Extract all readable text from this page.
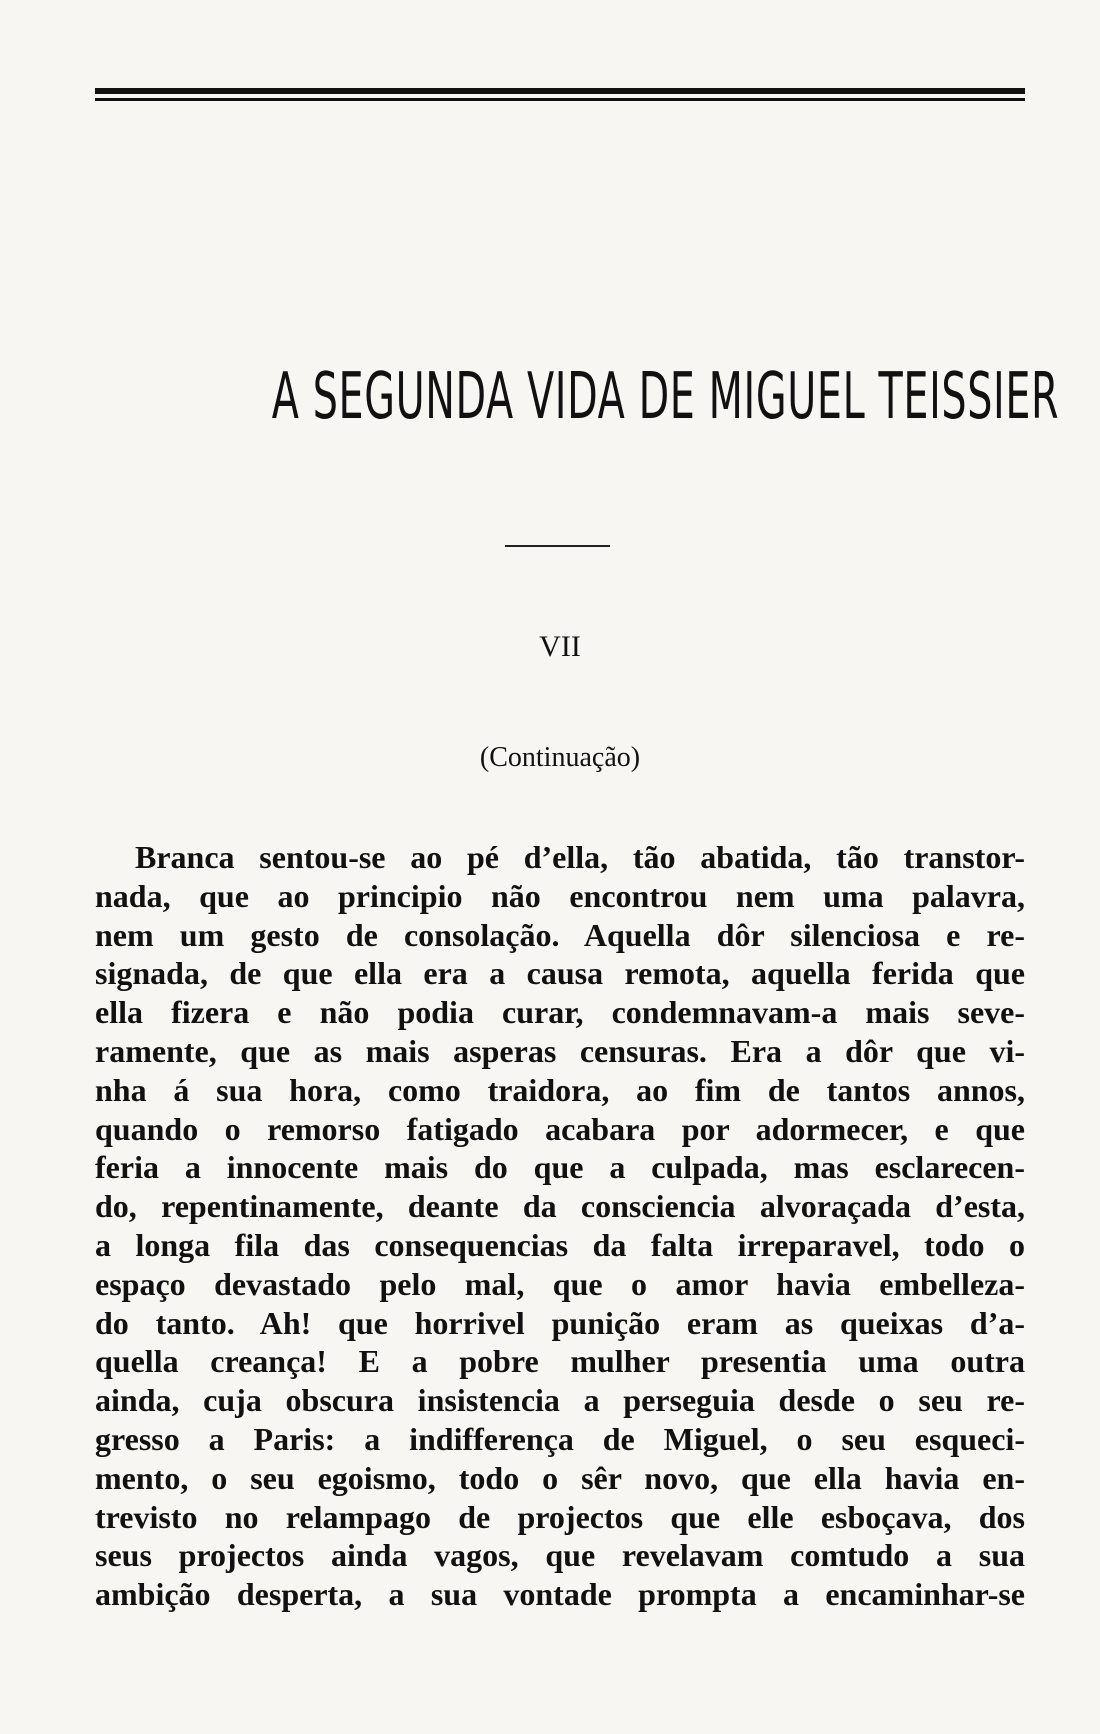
A SEGUNDA VIDA DE MIGUEL TEISSIER
VII
(Continuação)
Branca sentou-se ao pé d’ella, tão abatida, tão transtor-
nada, que ao principio não encontrou nem uma palavra,
nem um gesto de consolação. Aquella dôr silenciosa e re-
signada, de que ella era a causa remota, aquella ferida que
ella fizera e não podia curar, condemnavam-a mais seve-
ramente, que as mais asperas censuras. Era a dôr que vi-
nha á sua hora, como traidora, ao fim de tantos annos,
quando o remorso fatigado acabara por adormecer, e que
feria a innocente mais do que a culpada, mas esclarecen-
do, repentinamente, deante da consciencia alvoraçada d’esta,
a longa fila das consequencias da falta irreparavel, todo o
espaço devastado pelo mal, que o amor havia embelleza-
do tanto. Ah! que horrivel punição eram as queixas d’a-
quella creança! E a pobre mulher presentia uma outra
ainda, cuja obscura insistencia a perseguia desde o seu re-
gresso a Paris: a indifferença de Miguel, o seu esqueci-
mento, o seu egoismo, todo o sêr novo, que ella havia en-
trevisto no relampago de projectos que elle esboçava, dos
seus projectos ainda vagos, que revelavam comtudo a sua
ambição desperta, a sua vontade prompta a encaminhar-se
